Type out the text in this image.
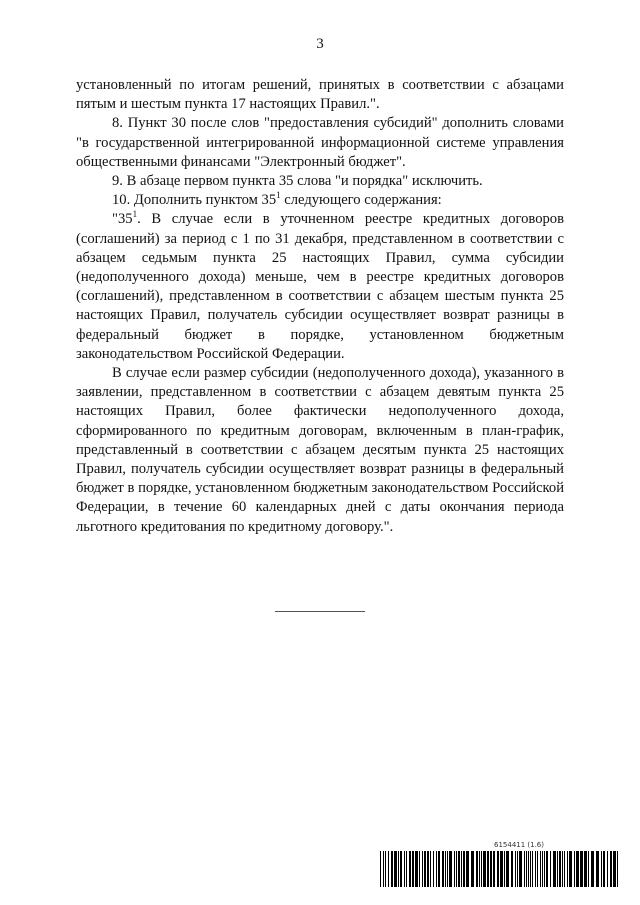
3

установленный по итогам решений, принятых в соответствии с абзацами пятым и шестым пункта 17 настоящих Правил.".

8. Пункт 30 после слов "предоставления субсидий" дополнить словами "в государственной интегрированной информационной системе управления общественными финансами "Электронный бюджет".

9. В абзаце первом пункта 35 слова "и порядка" исключить.

10. Дополнить пунктом $35^1$ следующего содержания:

"$35^1$. В случае если в уточненном реестре кредитных договоров (соглашений) за период с 1 по 31 декабря, представленном в соответствии с абзацем седьмым пункта 25 настоящих Правил, сумма субсидии (недополученного дохода) меньше, чем в реестре кредитных договоров (соглашений), представленном в соответствии с абзацем шестым пункта 25 настоящих Правил, получатель субсидии осуществляет возврат разницы в федеральный бюджет в порядке, установленном бюджетным законодательством Российской Федерации.

В случае если размер субсидии (недополученного дохода), указанного в заявлении, представленном в соответствии с абзацем девятым пункта 25 настоящих Правил, более фактически недополученного дохода, сформированного по кредитным договорам, включенным в план-график, представленный в соответствии с абзацем десятым пункта 25 настоящих Правил, получатель субсидии осуществляет возврат разницы в федеральный бюджет в порядке, установленном бюджетным законодательством Российской Федерации, в течение 60 календарных дней с даты окончания периода льготного кредитования по кредитному договору.".

6154411 (1.6)
